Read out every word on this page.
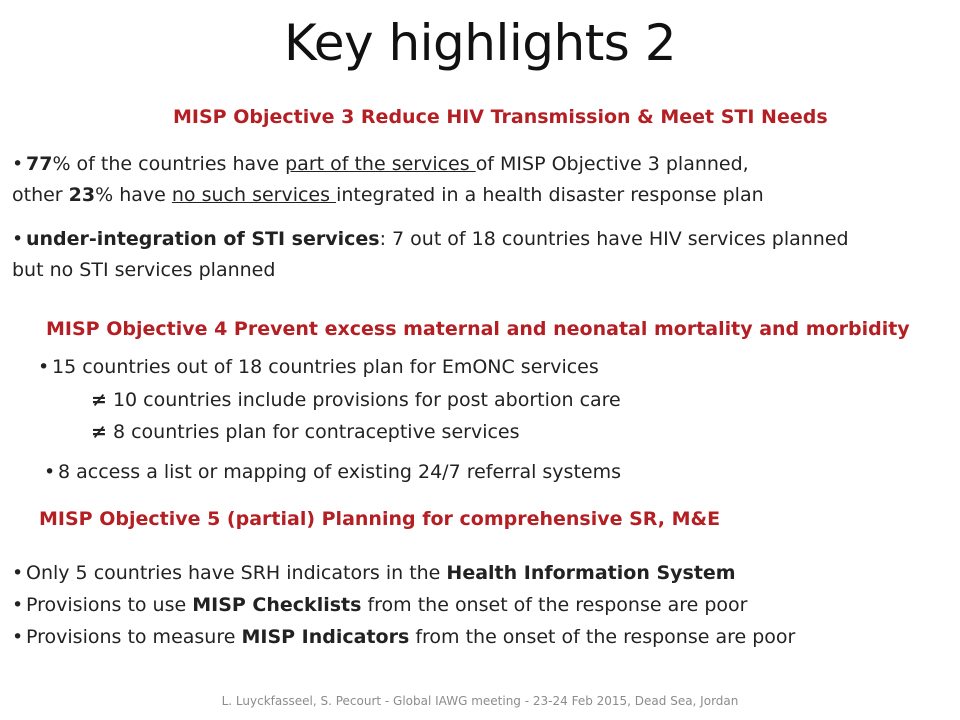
Key highlights 2
MISP Objective 3 Reduce HIV Transmission & Meet STI Needs
• 77% of the countries have part of the services of MISP Objective 3 planned,
other 23% have no such services integrated in a health disaster response plan
• under-integration of STI services: 7 out of 18 countries have HIV services planned
but no STI services planned
MISP Objective 4 Prevent excess maternal and neonatal mortality and morbidity
• 15 countries out of 18 countries plan for EmONC services
≠ 10 countries include provisions for post abortion care
≠ 8 countries plan for contraceptive services
• 8 access a list or mapping of existing 24/7 referral systems
MISP Objective 5 (partial) Planning for comprehensive SR, M&E
• Only 5 countries have SRH indicators in the Health Information System
• Provisions to use MISP Checklists from the onset of the response are poor
• Provisions to measure MISP Indicators from the onset of the response are poor
L. Luyckfasseel, S. Pecourt - Global IAWG meeting - 23-24 Feb 2015, Dead Sea, Jordan
